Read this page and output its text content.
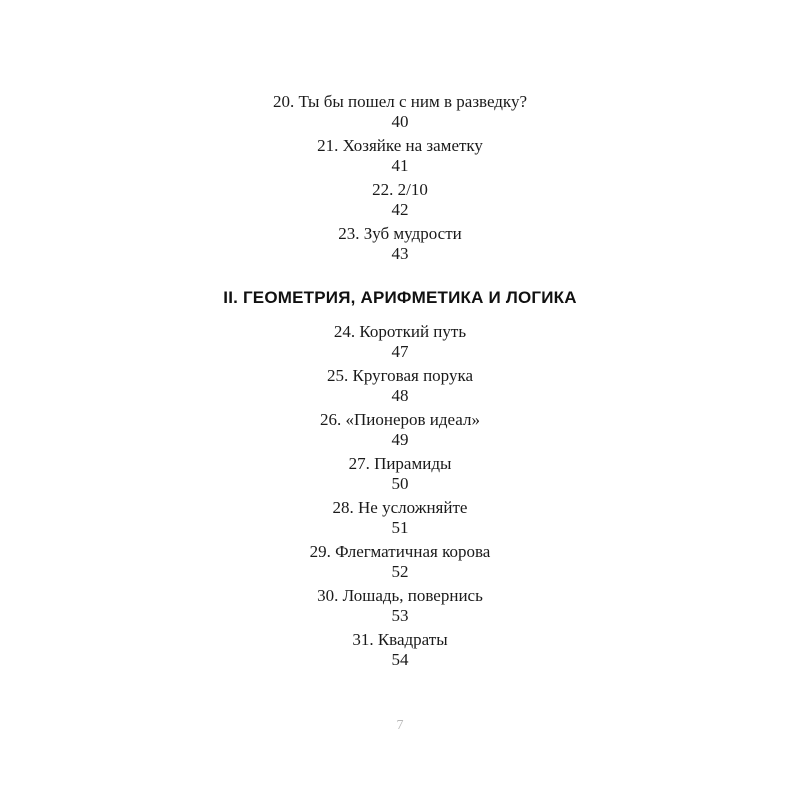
20. Ты бы пошел с ним в разведку?
40
21. Хозяйке на заметку
41
22. 2/10
42
23. Зуб мудрости
43
II. ГЕОМЕТРИЯ, АРИФМЕТИКА И ЛОГИКА
24. Короткий путь
47
25. Круговая порука
48
26. «Пионеров идеал»
49
27. Пирамиды
50
28. Не усложняйте
51
29. Флегматичная корова
52
30. Лошадь, повернись
53
31. Квадраты
54
7
